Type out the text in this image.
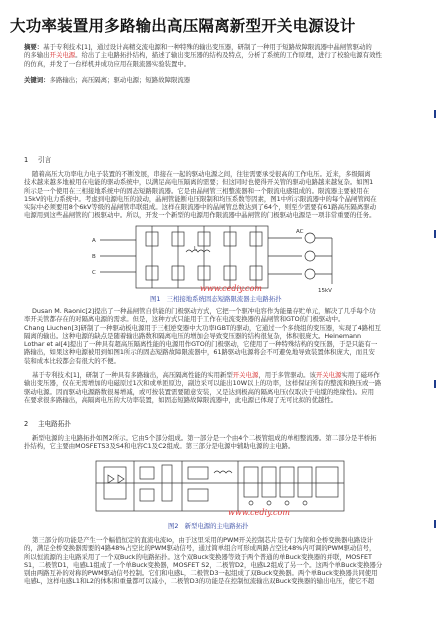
大功率装置用多路输出高压隔离新型开关电源设计
摘要：基于专利技术[1]，通过设计高精交流电源和一种特殊的输出变压器，研制了一种用于短路故障限流器中晶闸管驱动的
的多输出开关电源。给出了主电路拓扑结构，描述了输出变压器的结构及特点，分析了系统的工作原理，进行了校验电源有效性
的仿真，并发了一台样机并成功应用在限流器实验装置中。
关键词：多路输出；高压隔离；驱动电源；短路故障限流器
1 引言
随着高压大功率电力电子装置的不断发展，串接在一起的驱动电源之间，往往需要承受很高的工作电压。近来，多级隔离
技术越来越多地被用在电能的驱动系统中，以满足高电压隔离的需要；但这同时也使得开关管的驱动电路越来越复杂。如图1
所示是一个使用在三相接地系统中的固态短路限流器。它是由晶闸管三相整流器和一个限流电感组成的。限流器主要被用在
15kV的电力系统中。考虑到电源电压的波动，晶闸管能断电压限制和均压系数等因素，图1中所示限流器中的每个晶闸管阀在
实际中必须要用8个6kV等级的晶闸管串联组成。这样在限流器中的晶闸管总数达到了64个，则至少需要有61路高压隔离驱动
电源用到这些晶闸管的门极驱动中。所以，开发一个新型的电源用作限流器中晶闸管的门极驱动电源是一项非常重要的任务。
A
B
C
AC
L
15kV
www.cediy.com
图1 三相接地系统固态短路限流器主电路拓扑
Dusan M. Raonic[2]提出了一种晶闸管自供能的门极驱动方式，它把一个驱冲电容作为能量存贮单元，解决了几乎每个功
率开关管都存在的对隔离电源的需求。但是，这种方式只能用于工作在电流变换器的晶闸管和GTO的门极驱动中。
Chang Liuchen[3]研制了一种驱动板电源用于三相逆变器中大功率IGBT的驱动，它通过一个多绕组的变压器，实现了4路相互
隔离的输出。这种电源的缺点是随着输出路数和隔离电压的增加会导致变压器的结构很复杂，体积很庞大。Heinemann
Lothar et al[4]提出了一种具有超高压隔离性能的电源用作GTO的门极驱动，它使用了一种特殊结构的变压器，于是只能有一
路输出，如果这种电源被用到如图1所示的固态短路故障限流器中，61路驱动电源将会不可避免地导致装置体积庞大，而且安
装和成本比较都会有很大的不便。
基于专利技术[1]，研制了一种具有多路输出，高压隔离性能的实用新型开关电源，用于多管驱动。该开关电源实用了磁环作
输出变压器，仅在无需增加的电磁原过1次和或单匝原边，副边采可以能出10W以上的功率，这样保证所有的整流和换压或一路
驱动电源。因而驱动电源路数很易增减，或可按装置需要随意安装，又是达到极高的隔离电压(仅取决于电缆的绝缘性)。应用
在要求很多路输出，高隔离电压的大功率装置，如固态短路故障限流器中，此电源已体现了无可比拟的优越性。
2 主电路拓扑
新型电源的主电路拓扑如图2所示。它由5个部分组成。第一部分是一个由4个二极管组成的单相整流器。第二部分是半桥拓
扑结构，它主要由MOSFETS3及S4和电容C1及C2组成。第三部分是电源中辅助电源的主电路。
www.cediy.com
图2 新型电源的主电路拓扑
第三部分的功能是产生一个幅值恒定的直流电流Io，由于这里采用的PWM开关控制芯片是专门为简和全桥变换器电路设计
的，满足全桥变换器需要的4路48%占空比的PWM驱动信号，通过简单组合可形成两路占空比48%内可调的PWM驱动信号，
所以恒流源的主电路采用了一个双Buck的电路拓扑。这个双Buck变换器等效于两个普通的单Buck变换器的并联，MOSFET
S1，二极管D1，电感L1组成了一个单Buck变换器，MOSFET S2，二极管D2，电感L2组成了另一个。这两个单Buck变换器分
别由两路互补的对称的PWM驱动信号控制。它们和电感L，二极管D3一起组成了双Buck变换器。两个单Buck变换器共同使用
电感L，这样电感L1和L2的体积和重量都可以减小，二极管D3的功能是在控制恒流输出双Buck变换器的输出电压，使它不超
